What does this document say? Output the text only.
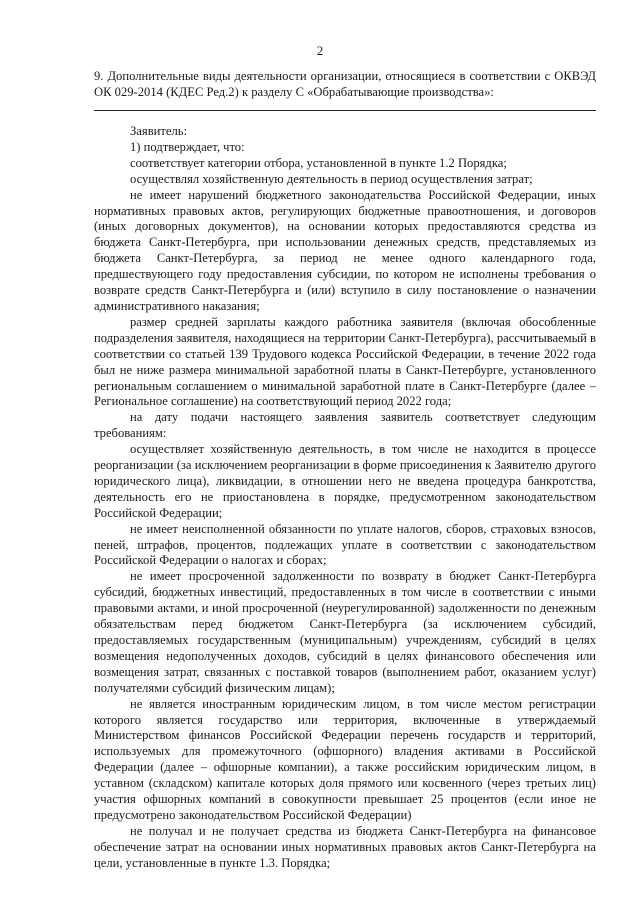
2
9. Дополнительные виды деятельности организации, относящиеся в соответствии с ОКВЭД ОК 029-2014 (КДЕС Ред.2) к разделу С «Обрабатывающие производства»:

Заявитель:

1) подтверждает, что:

соответствует категории отбора, установленной в пункте 1.2 Порядка;

осуществлял хозяйственную деятельность в период осуществления затрат;

не имеет нарушений бюджетного законодательства Российской Федерации, иных нормативных правовых актов, регулирующих бюджетные правоотношения, и договоров (иных договорных документов), на основании которых предоставляются средства из бюджета Санкт-Петербурга, при использовании денежных средств, представляемых из бюджета Санкт-Петербурга, за период не менее одного календарного года, предшествующего году предоставления субсидии, по котором не исполнены требования о возврате средств Санкт-Петербурга и (или) вступило в силу постановление о назначении административного наказания;

размер средней зарплаты каждого работника заявителя (включая обособленные подразделения заявителя, находящиеся на территории Санкт-Петербурга), рассчитываемый в соответствии со статьей 139 Трудового кодекса Российской Федерации, в течение 2022 года был не ниже размера минимальной заработной платы в Санкт-Петербурге, установленного региональным соглашением о минимальной заработной плате в Санкт-Петербурге (далее – Региональное соглашение) на соответствующий период 2022 года;

на дату подачи настоящего заявления заявитель соответствует следующим требованиям:

осуществляет хозяйственную деятельность, в том числе не находится в процессе реорганизации (за исключением реорганизации в форме присоединения к Заявителю другого юридического лица), ликвидации, в отношении него не введена процедура банкротства, деятельность его не приостановлена в порядке, предусмотренном законодательством Российской Федерации;

не имеет неисполненной обязанности по уплате налогов, сборов, страховых взносов, пеней, штрафов, процентов, подлежащих уплате в соответствии с законодательством Российской Федерации о налогах и сборах;

не имеет просроченной задолженности по возврату в бюджет Санкт-Петербурга субсидий, бюджетных инвестиций, предоставленных в том числе в соответствии с иными правовыми актами, и иной просроченной (неурегулированной) задолженности по денежным обязательствам перед бюджетом Санкт-Петербурга (за исключением субсидий, предоставляемых государственным (муниципальным) учреждениям, субсидий в целях возмещения недополученных доходов, субсидий в целях финансового обеспечения или возмещения затрат, связанных с поставкой товаров (выполнением работ, оказанием услуг) получателями субсидий физическим лицам);

не является иностранным юридическим лицом, в том числе местом регистрации которого является государство или территория, включенные в утверждаемый Министерством финансов Российской Федерации перечень государств и территорий, используемых для промежуточного (офшорного) владения активами в Российской Федерации (далее – офшорные компании), а также российским юридическим лицом, в уставном (складском) капитале которых доля прямого или косвенного (через третьих лиц) участия офшорных компаний в совокупности превышает 25 процентов (если иное не предусмотрено законодательством Российской Федерации)

не получал и не получает средства из бюджета Санкт-Петербурга на финансовое обеспечение затрат на основании иных нормативных правовых актов Санкт-Петербурга на цели, установленные в пункте 1.3. Порядка;
